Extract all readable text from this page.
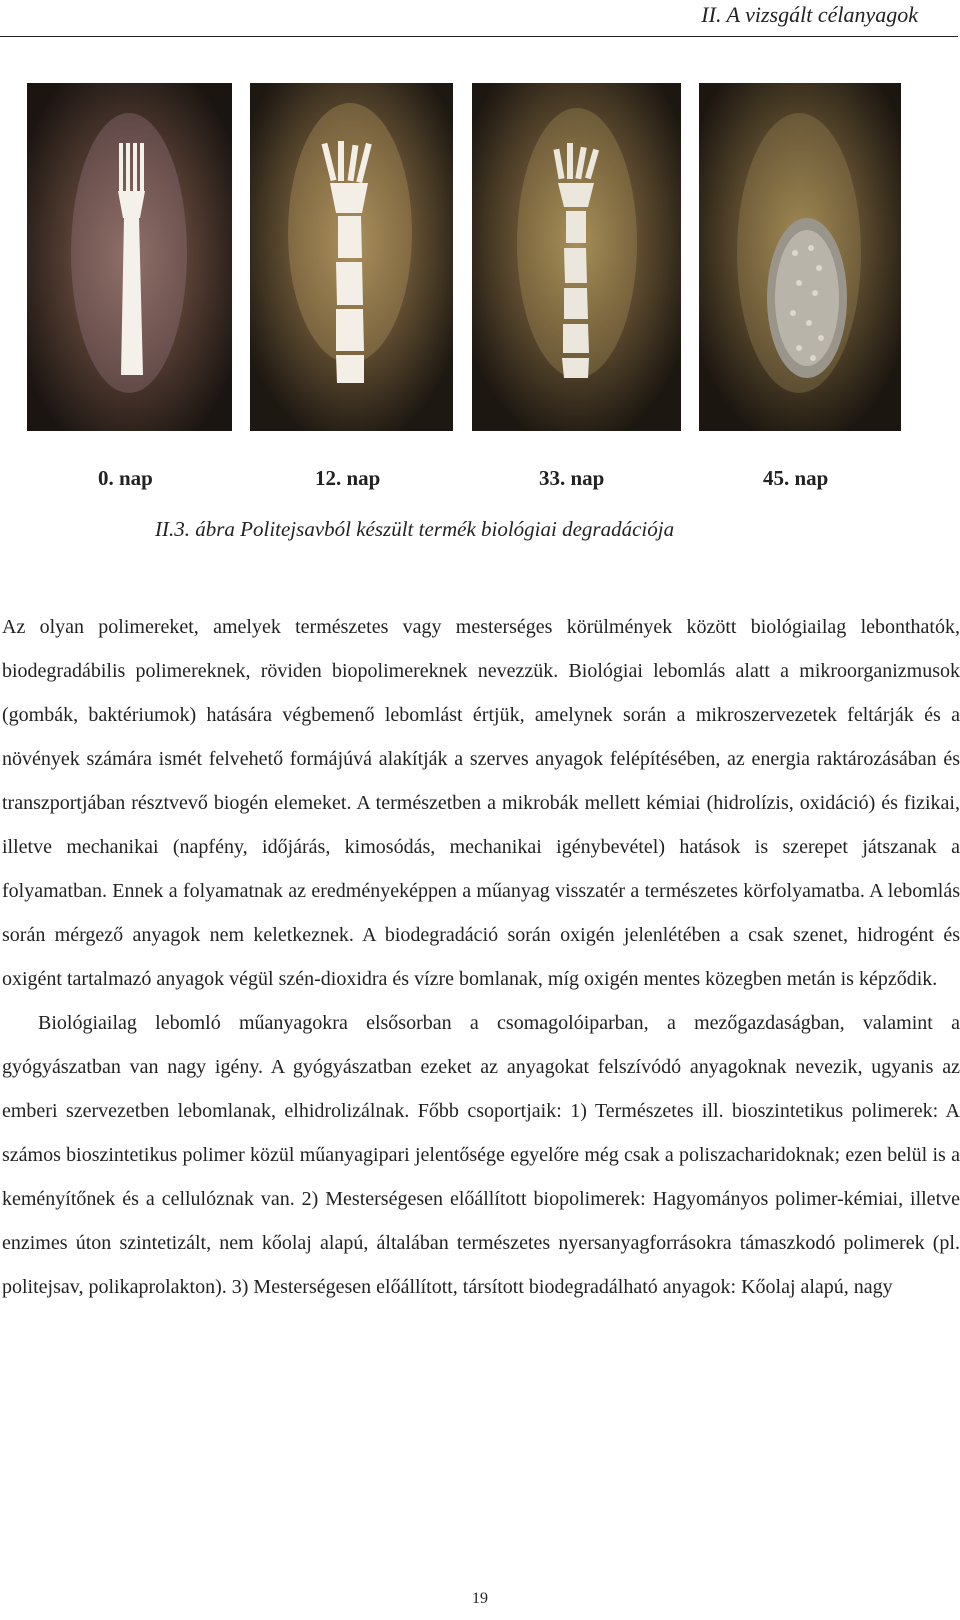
II. A vizsgált célanyagok
0. nap	12. nap	33. nap	45. nap
II.3. ábra Politejsavból készült termék biológiai degradációja

Az olyan polimereket, amelyek természetes vagy mesterséges körülmények között biológiailag lebonthatók, biodegradábilis polimereknek, röviden biopolimereknek nevezzük. Biológiai lebomlás alatt a mikroorganizmusok (gombák, baktériumok) hatására végbemenő lebomlást értjük, amelynek során a mikroszervezetek feltárják és a növények számára ismét felvehető formájúvá alakítják a szerves anyagok felépítésében, az energia raktározásában és transzportjában résztvevő biogén elemeket. A természetben a mikrobák mellett kémiai (hidrolízis, oxidáció) és fizikai, illetve mechanikai (napfény, időjárás, kimosódás, mechanikai igénybevétel) hatások is szerepet játszanak a folyamatban. Ennek a folyamatnak az eredményeképpen a műanyag visszatér a természetes körfolyamatba. A lebomlás során mérgező anyagok nem keletkeznek. A biodegradáció során oxigén jelenlétében a csak szenet, hidrogént és oxigént tartalmazó anyagok végül szén-dioxidra és vízre bomlanak, míg oxigén mentes közegben metán is képződik.

Biológiailag lebomló műanyagokra elsősorban a csomagolóiparban, a mezőgazdaságban, valamint a gyógyászatban van nagy igény. A gyógyászatban ezeket az anyagokat felszívódó anyagoknak nevezik, ugyanis az emberi szervezetben lebomlanak, elhidrolizálnak. Főbb csoportjaik: 1) Természetes ill. bioszintetikus polimerek: A számos bioszintetikus polimer közül műanyagipari jelentősége egyelőre még csak a poliszacharidoknak; ezen belül is a keményítőnek és a cellulóznak van. 2) Mesterségesen előállított biopolimerek: Hagyományos polimer-kémiai, illetve enzimes úton szintetizált, nem kőolaj alapú, általában természetes nyersanyagforrásokra támaszkodó polimerek (pl. politejsav, polikaprolakton). 3) Mesterségesen előállított, társított biodegradálható anyagok: Kőolaj alapú, nagy

19
